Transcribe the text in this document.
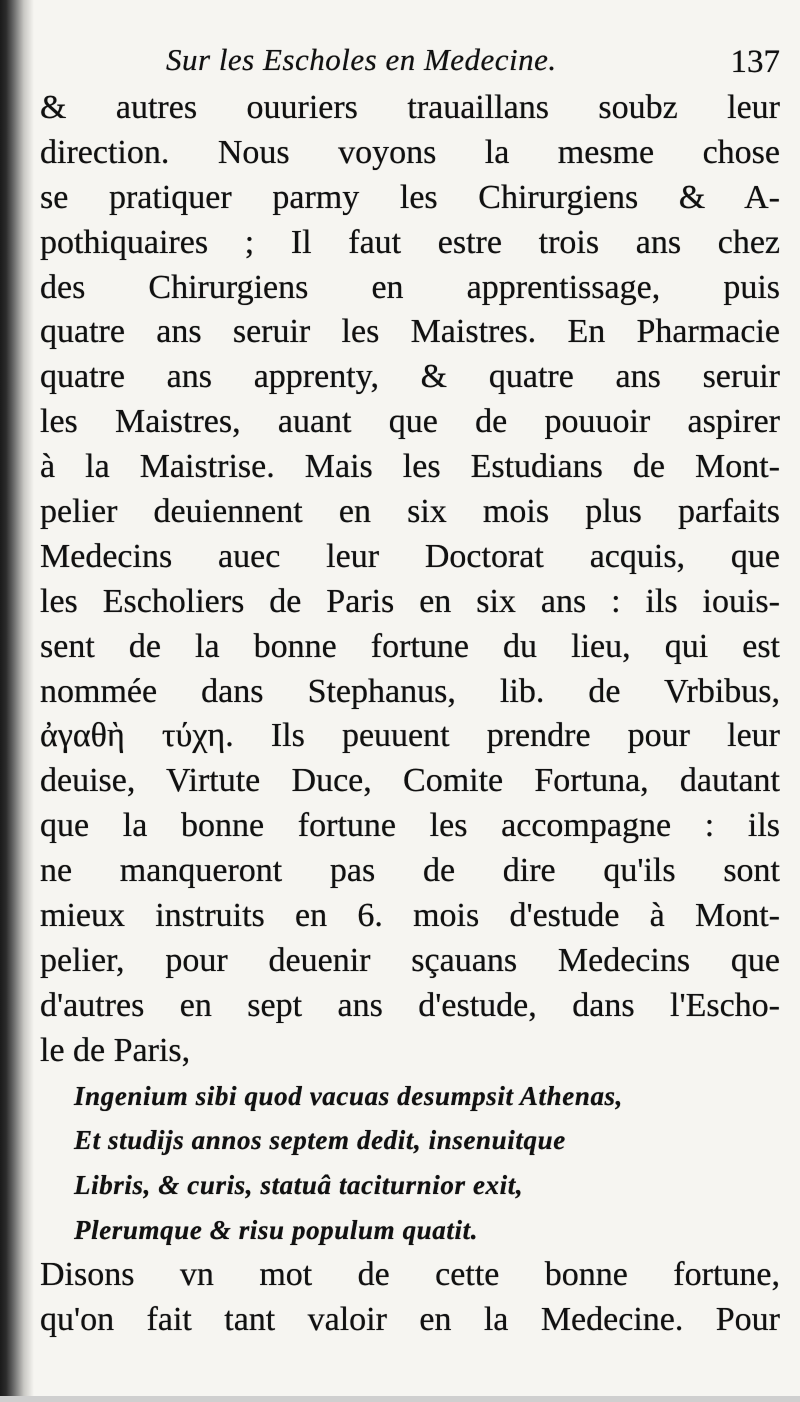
Sur les Escholes en Medecine.	137
& autres ouuriers trauaillans soubz leur
direction. Nous voyons la mesme chose
se pratiquer parmy les Chirurgiens & A-
pothiquaires ; Il faut estre trois ans chez
des Chirurgiens en apprentissage, puis
quatre ans seruir les Maistres. En Pharmacie
quatre ans apprenty, & quatre ans seruir
les Maistres, auant que de pouuoir aspirer
à la Maistrise. Mais les Estudians de Mont-
pelier deuiennent en six mois plus parfaits
Medecins auec leur Doctorat acquis, que
les Escholiers de Paris en six ans : ils iouis-
sent de la bonne fortune du lieu, qui est
nommée dans Stephanus, lib. de Vrbibus,
ἀγαθὴ τύχη. Ils peuuent prendre pour leur
deuise, Virtute Duce, Comite Fortuna, dautant
que la bonne fortune les accompagne : ils
ne manqueront pas de dire qu'ils sont
mieux instruits en 6. mois d'estude à Mont-
pelier, pour deuenir sçauans Medecins que
d'autres en sept ans d'estude, dans l'Escho-
le de Paris,
Ingenium sibi quod vacuas desumpsit Athenas,
Et studijs annos septem dedit, insenuitque
Libris, & curis, statuâ taciturnior exit,
Plerumque & risu populum quatit.
Disons vn mot de cette bonne fortune,
qu'on fait tant valoir en la Medecine. Pour
